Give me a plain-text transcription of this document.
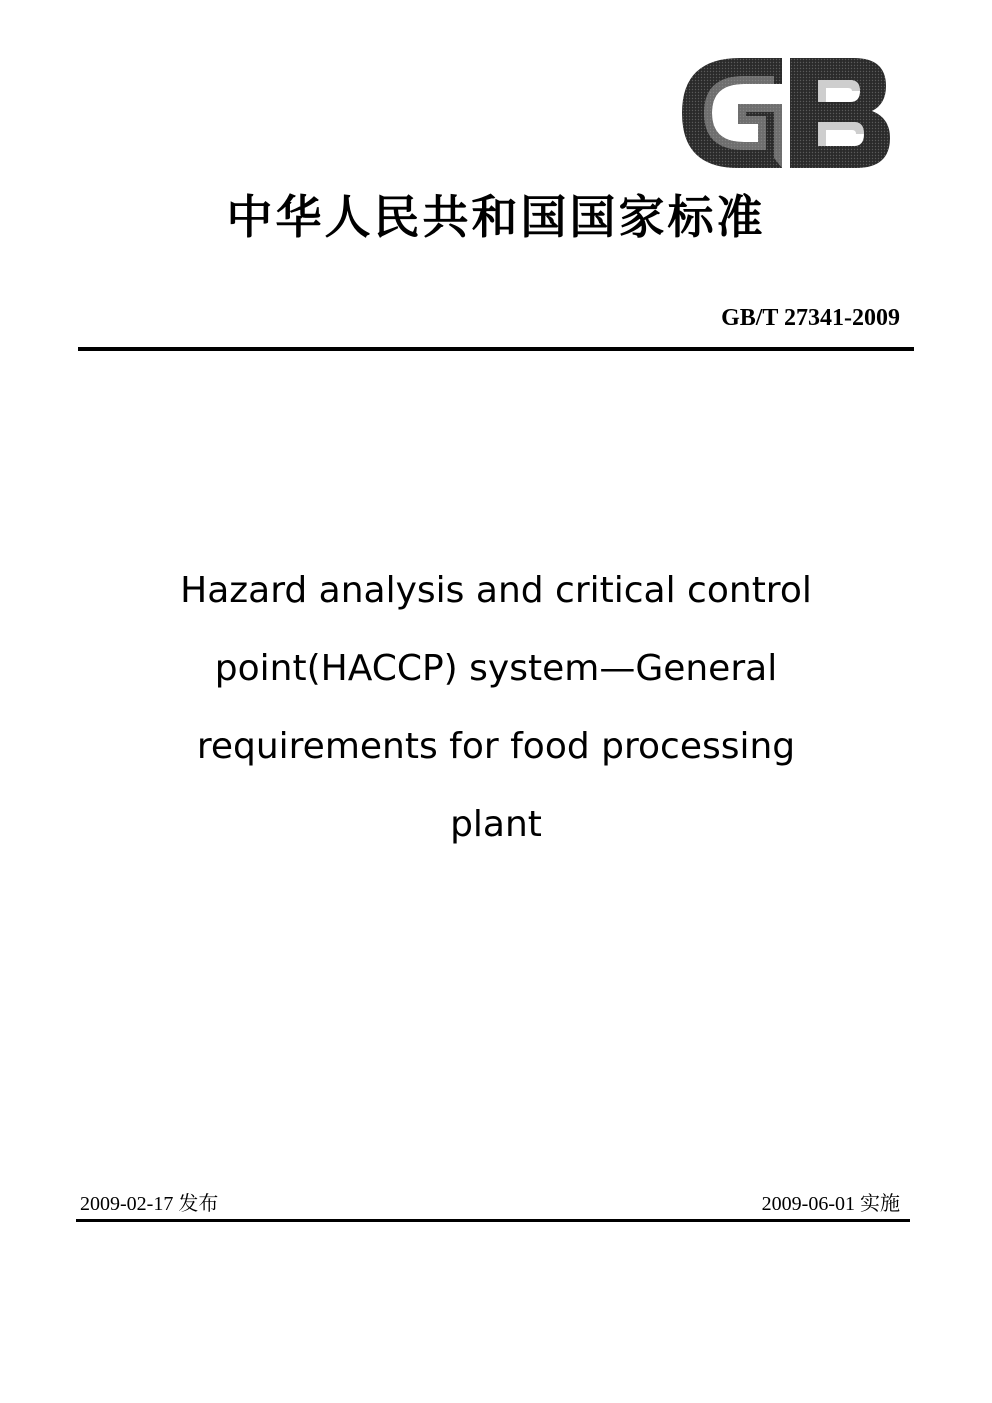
中华人民共和国国家标准
GB/T 27341-2009
Hazard analysis and critical control
point(HACCP) system—General
requirements for food processing
plant
2009-02-17 发布	2009-06-01 实施
